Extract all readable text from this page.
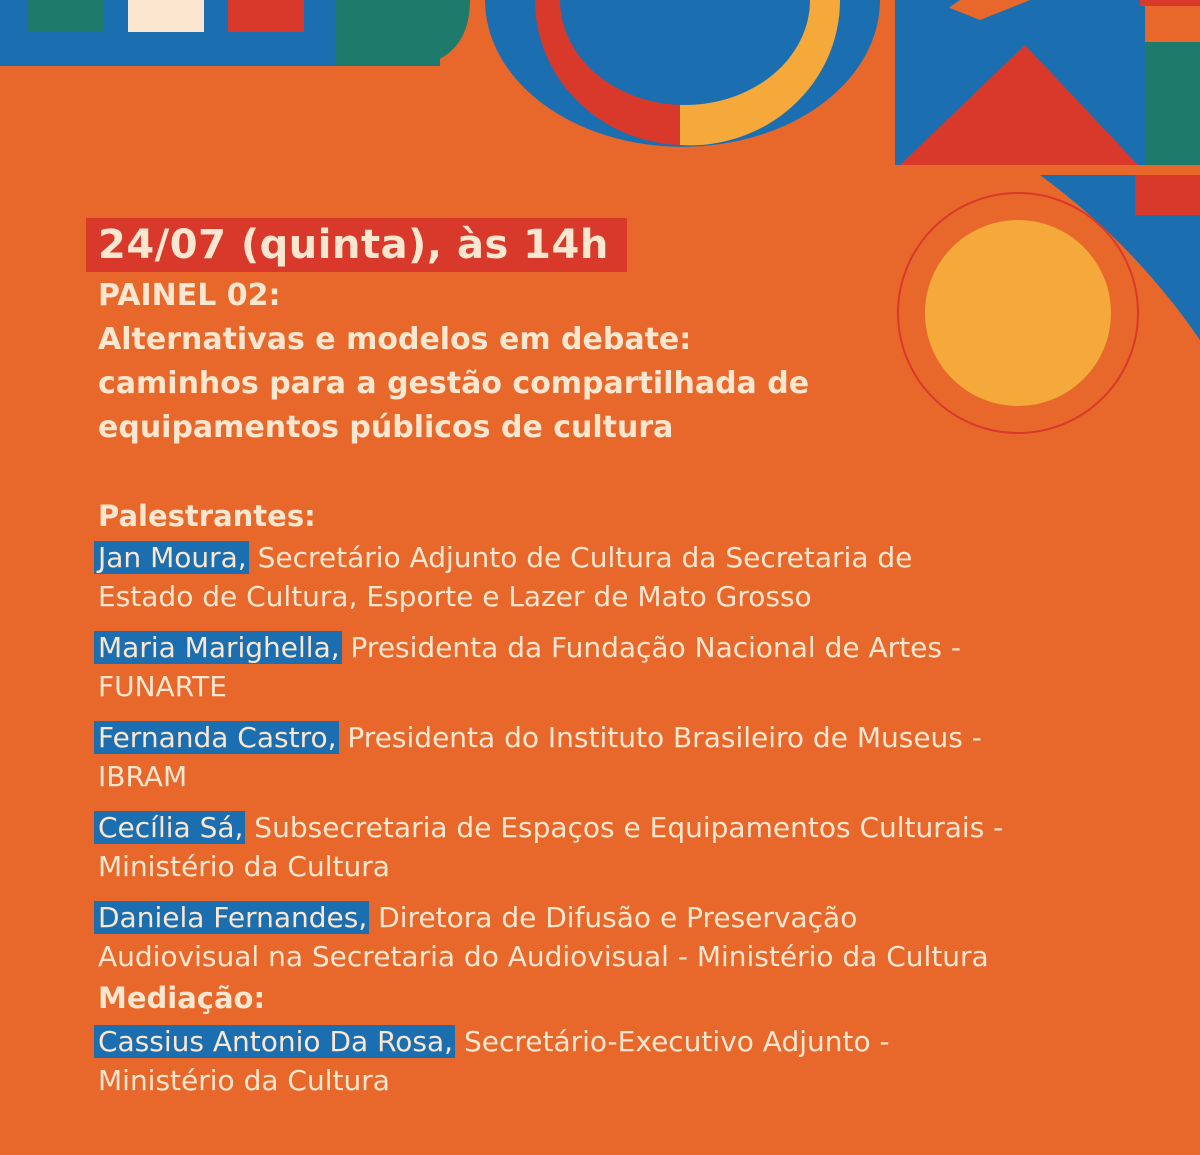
24/07 (quinta), às 14h
PAINEL 02:
Alternativas e modelos em debate:
caminhos para a gestão compartilhada de
equipamentos públicos de cultura
Palestrantes:
Jan Moura, Secretário Adjunto de Cultura da Secretaria de
Estado de Cultura, Esporte e Lazer de Mato Grosso
Maria Marighella, Presidenta da Fundação Nacional de Artes -
FUNARTE
Fernanda Castro, Presidenta do Instituto Brasileiro de Museus -
IBRAM
Cecília Sá, Subsecretaria de Espaços e Equipamentos Culturais -
Ministério da Cultura
Daniela Fernandes, Diretora de Difusão e Preservação
Audiovisual na Secretaria do Audiovisual - Ministério da Cultura
Mediação:
Cassius Antonio Da Rosa, Secretário-Executivo Adjunto -
Ministério da Cultura
